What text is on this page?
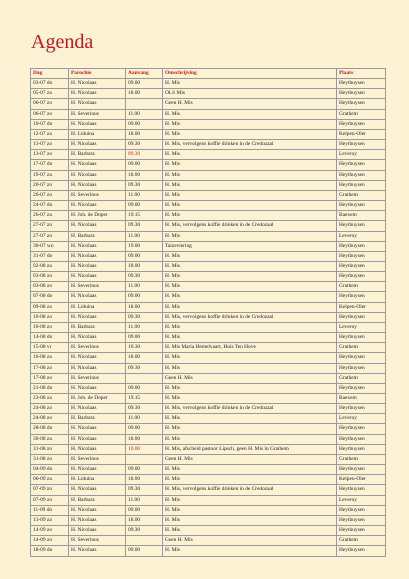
Agenda
Dag	Parochie	Aanvang	Omschrijving	Plaats
03-07 do	H. Nicolaas	09.00	H. Mis	Heythuysen
05-07 za	H. Nicolaas	18.00	OLS Mis	Heythuysen
06-07 zo	H. Nicolaas		Geen H. Mis	Heythuysen
06-07 zo	H. Severinus	11.00	H. Mis	Grathem
10-07 do	H. Nicolaas	09.00	H. Mis	Heythuysen
12-07 za	H. Liduina	18.00	H. Mis	Kelpen-Oler
13-07 zo	H. Nicolaas	09.30	H. Mis, vervolgens koffie drinken in de Credozaal	Heythuysen
13-07 zo	H. Barbara	09.30	H. Mis	Leveroy
17-07 do	H. Nicolaas	09.00	H. Mis	Heythuysen
19-07 za	H. Nicolaas	18.00	H. Mis	Heythuysen
20-07 zo	H. Nicolaas	09.30	H. Mis	Heythuysen
20-07 zo	H. Severinus	11.00	H. Mis	Grathem
24-07 do	H. Nicolaas	09.00	H. Mis	Heythuysen
26-07 za	H. Joh. de Doper	19.15	H. Mis	Baexem
27-07 zo	H. Nicolaas	09.30	H. Mis, vervolgens koffie drinken in de Credozaal	Heythuysen
27-07 zo	H. Barbara	11.00	H. Mis	Leveroy
30-07 wo	H. Nicolaas	19.00	Taizeviering	Heythuysen
31-07 do	H. Nicolaas	09.00	H. Mis	Heythuysen
02-08 za	H. Nicolaas	18.00	H. Mis	Heythuysen
03-08 zo	H. Nicolaas	09.30	H. Mis	Heythuysen
03-08 zo	H. Severinus	11.00	H. Mis	Grathem
07-08 do	H. Nicolaas	09.00	H. Mis	Heythuysen
09-08 za	H. Liduina	18.00	H. Mis	Kelpen-Oler
10-08 zo	H. Nicolaas	09.30	H. Mis, vervolgens koffie drinken in de Credozaal	Heythuysen
10-08 zo	H. Barbara	11.00	H. Mis	Leveroy
14-08 do	H. Nicolaas	09.00	H. Mis	Heythuysen
15-08 vr	H. Severinus	10.30	H. Mis Maria Hemelvaart, Huis Ten Hove	Grathem
16-08 za	H. Nicolaas	18.00	H. Mis	Heythuysen
17-08 zo	H. Nicolaas	09.30	H. Mis	Heythuysen
17-08 zo	H. Severinus		Geen H. Mis	Grathem
21-08 do	H. Nicolaas	09.00	H. Mis	Heythuysen
23-08 za	H. Joh. de Doper	19.15	H. Mis	Baexem
24-08 zo	H. Nicolaas	09.30	H. Mis, vervolgens koffie drinken in de Credozaal	Heythuysen
24-08 zo	H. Barbara	11.00	H. Mis	Leveroy
28-08 do	H. Nicolaas	09.00	H. Mis	Heythuysen
30-08 za	H. Nicolaas	18.00	H. Mis	Heythuysen
31-08 zo	H. Nicolaas	10.00	H. Mis, afscheid pastoor Lipsch, geen H. Mis in Grathem	Heythuysen
31-08 zo	H. Severinus		Geen H. Mis	Grathem
04-09 do	H. Nicolaas	09.00	H. Mis	Heythuysen
06-09 za	H. Liduina	18.00	H. Mis	Kelpen-Oler
07-09 zo	H. Nicolaas	09.30	H. Mis, vervolgens koffie drinken in de Credozaal	Heythuysen
07-09 zo	H. Barbara	11.00	H. Mis	Leveroy
11-09 do	H. Nicolaas	09.00	H. Mis	Heythuysen
13-09 za	H. Nicolaas	18.00	H. Mis	Heythuysen
14-09 zo	H. Nicolaas	09.30	H. Mis	Heythuysen
14-09 zo	H. Severinus		Geen H. Mis	Grathem
18-09 do	H. Nicolaas	09.00	H. Mis	Heythuysen
